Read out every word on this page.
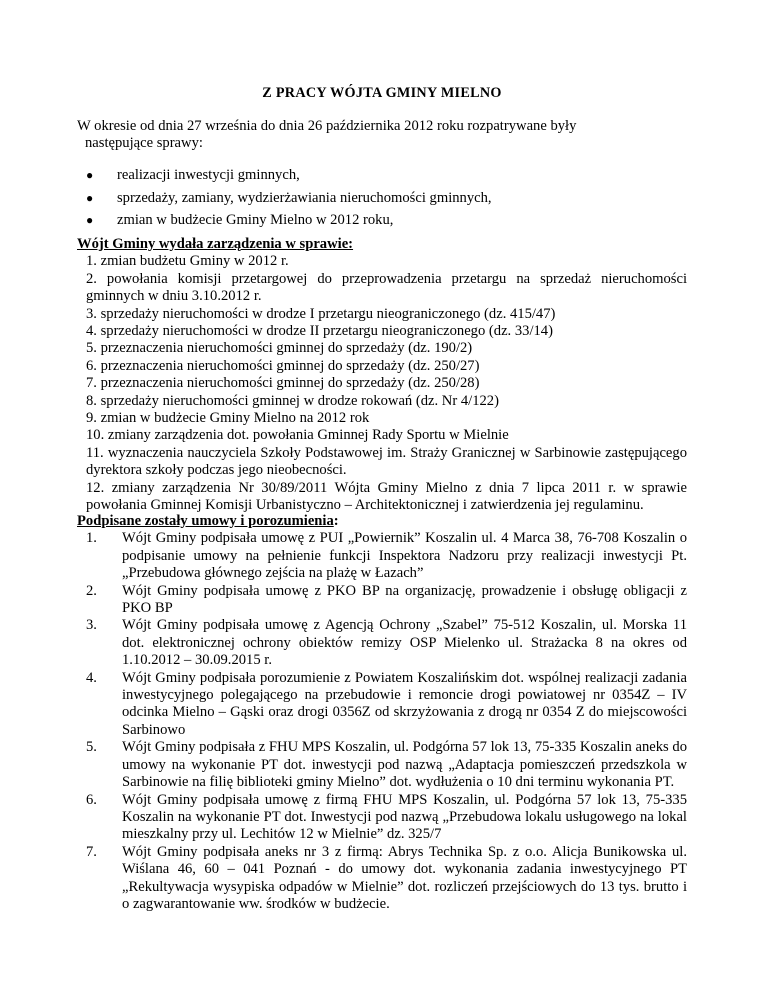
Z PRACY WÓJTA GMINY MIELNO
W okresie od dnia 27 września do dnia 26 października 2012 roku rozpatrywane były
następujące sprawy:
● realizacji inwestycji gminnych,
● sprzedaży, zamiany, wydzierżawiania nieruchomości gminnych,
● zmian w budżecie Gminy Mielno w 2012 roku,
Wójt Gminy wydała zarządzenia w sprawie:
1. zmian budżetu Gminy w 2012 r.
2. powołania komisji przetargowej do przeprowadzenia przetargu na sprzedaż nieruchomości gminnych w dniu 3.10.2012 r.
3. sprzedaży nieruchomości w drodze I przetargu nieograniczonego (dz. 415/47)
4. sprzedaży nieruchomości w drodze II przetargu nieograniczonego (dz. 33/14)
5. przeznaczenia nieruchomości gminnej do sprzedaży (dz. 190/2)
6. przeznaczenia nieruchomości gminnej do sprzedaży (dz. 250/27)
7. przeznaczenia nieruchomości gminnej do sprzedaży (dz. 250/28)
8. sprzedaży nieruchomości gminnej w drodze rokowań (dz. Nr 4/122)
9. zmian w budżecie Gminy Mielno na 2012 rok
10. zmiany zarządzenia dot. powołania Gminnej Rady Sportu w Mielnie
11. wyznaczenia nauczyciela Szkoły Podstawowej im. Straży Granicznej w Sarbinowie zastępującego dyrektora szkoły podczas jego nieobecności.
12. zmiany zarządzenia Nr 30/89/2011 Wójta Gminy Mielno z dnia 7 lipca 2011 r. w sprawie powołania Gminnej Komisji Urbanistyczno – Architektonicznej i zatwierdzenia jej regulaminu.
Podpisane zostały umowy i porozumienia:
1. Wójt Gminy podpisała umowę z PUI „Powiernik” Koszalin ul. 4 Marca 38, 76-708 Koszalin o podpisanie umowy na pełnienie funkcji Inspektora Nadzoru przy realizacji inwestycji Pt. „Przebudowa głównego zejścia na plażę w Łazach”
2. Wójt Gminy podpisała umowę z PKO BP na organizację, prowadzenie i obsługę obligacji z PKO BP
3. Wójt Gminy podpisała umowę z Agencją Ochrony „Szabel” 75-512 Koszalin, ul. Morska 11 dot. elektronicznej ochrony obiektów remizy OSP Mielenko ul. Strażacka 8 na okres od 1.10.2012 – 30.09.2015 r.
4. Wójt Gminy podpisała porozumienie z Powiatem Koszalińskim dot. wspólnej realizacji zadania inwestycyjnego polegającego na przebudowie i remoncie drogi powiatowej nr 0354Z – IV odcinka Mielno – Gąski oraz drogi 0356Z od skrzyżowania z drogą nr 0354 Z do miejscowości Sarbinowo
5. Wójt Gminy podpisała z FHU MPS Koszalin, ul. Podgórna 57 lok 13, 75-335 Koszalin aneks do umowy na wykonanie PT dot. inwestycji pod nazwą „Adaptacja pomieszczeń przedszkola w Sarbinowie na filię biblioteki gminy Mielno” dot. wydłużenia o 10 dni terminu wykonania PT.
6. Wójt Gminy podpisała umowę z firmą FHU MPS Koszalin, ul. Podgórna 57 lok 13, 75-335 Koszalin na wykonanie PT dot. Inwestycji pod nazwą „Przebudowa lokalu usługowego na lokal mieszkalny przy ul. Lechitów 12 w Mielnie” dz. 325/7
7. Wójt Gminy podpisała aneks nr 3 z firmą: Abrys Technika Sp. z o.o. Alicja Bunikowska ul. Wiślana 46, 60 – 041 Poznań - do umowy dot. wykonania zadania inwestycyjnego PT „Rekultywacja wysypiska odpadów w Mielnie” dot. rozliczeń przejściowych do 13 tys. brutto i o zagwarantowanie ww. środków w budżecie.
